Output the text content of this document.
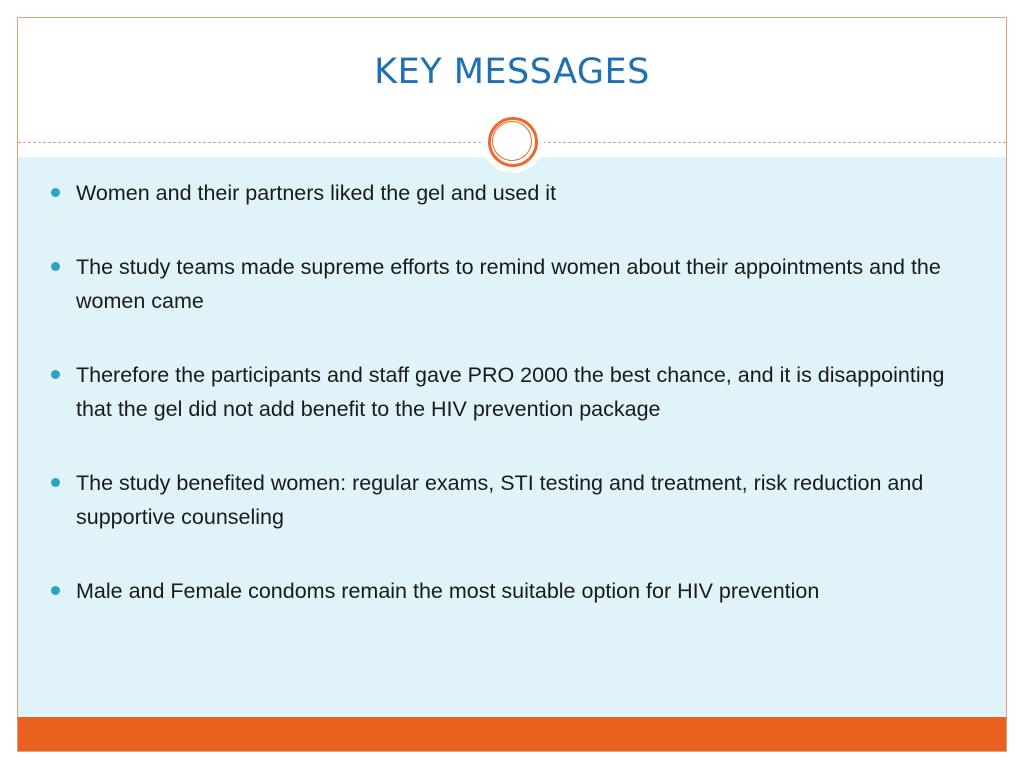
KEY MESSAGES
Women and their partners liked the gel and used it
The study teams made supreme efforts to remind women about their appointments and the women came
Therefore the participants and staff gave PRO 2000 the best chance, and it is disappointing that the gel did not add benefit to the HIV prevention package
The study benefited women: regular exams, STI testing and treatment, risk reduction and supportive counseling
Male and Female condoms remain the most suitable option for HIV prevention
